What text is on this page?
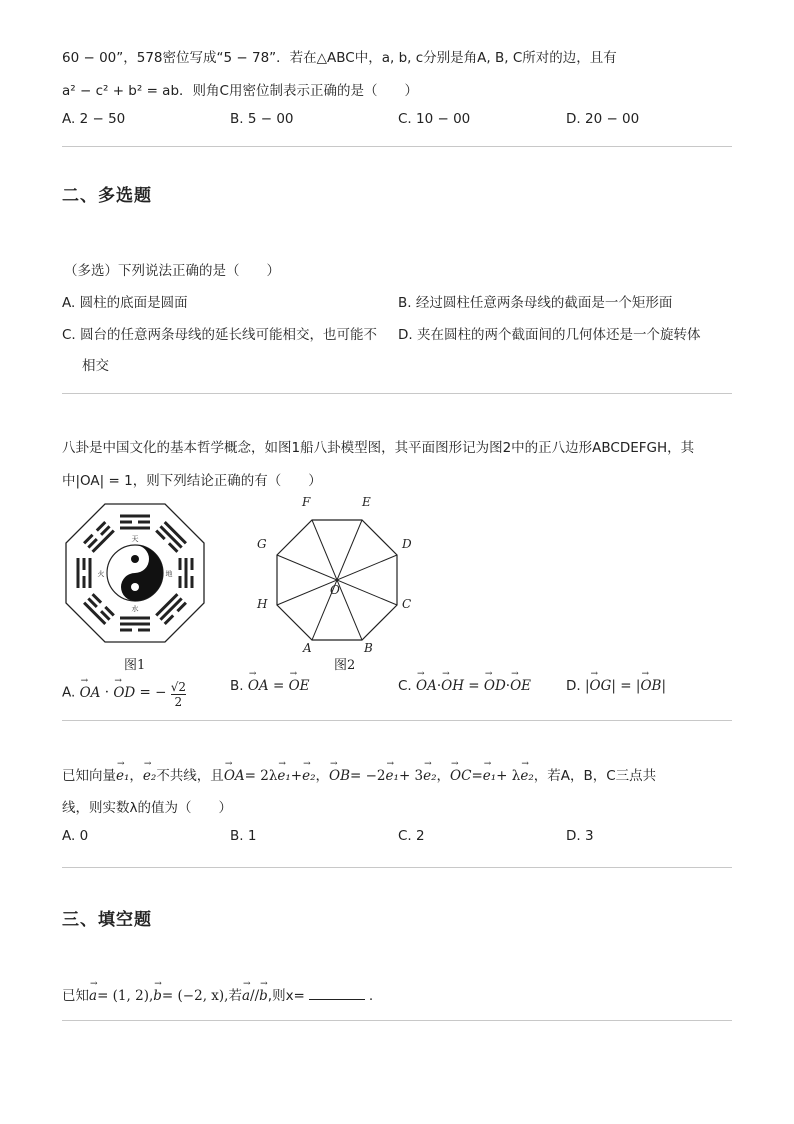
60 − 00”，578密位写成“5 − 78”．若在△ABC中，a, b, c分别是角A, B, C所对的边，且有
a² − c² + b² = ab．则角C用密位制表示正确的是（　　）
A. 2 − 50	B. 5 − 00	C. 10 − 00	D. 20 − 00
二、多选题
（多选）下列说法正确的是（　　）
A. 圆柱的底面是圆面	B. 经过圆柱任意两条母线的截面是一个矩形面
C. 圆台的任意两条母线的延长线可能相交，也可能不 D. 夹在圆柱的两个截面间的几何体还是一个旋转体
相交
八卦是中国文化的基本哲学概念，如图1船八卦模型图，其平面图形记为图2中的正八边形ABCDEFGH，其
中|OA| = 1，则下列结论正确的有（　　）
天
水
火	地
图1
A	B
C
D
E
F
G
H
O
图2
A. → OA · → OD = − $\frac{√2}{2}$	B. → OA = → OE	C. → OA·→ OH = → OD·→ OE	D. |→ OG| = |→ OB|
已知向量→ e₁，→ e₂不共线，且→ OA= 2λ→ e₁+→ e₂，→ OB= −2→ e₁+ 3→ e₂，→ OC=→ e₁+ λ→ e₂，若A，B，C三点共
线，则实数λ的值为（　　）
A. 0	B. 1	C. 2	D. 3
三、填空题
已知→ a= (1, 2),→ b= (−2, x),若→ a//→ b,则x=	.
